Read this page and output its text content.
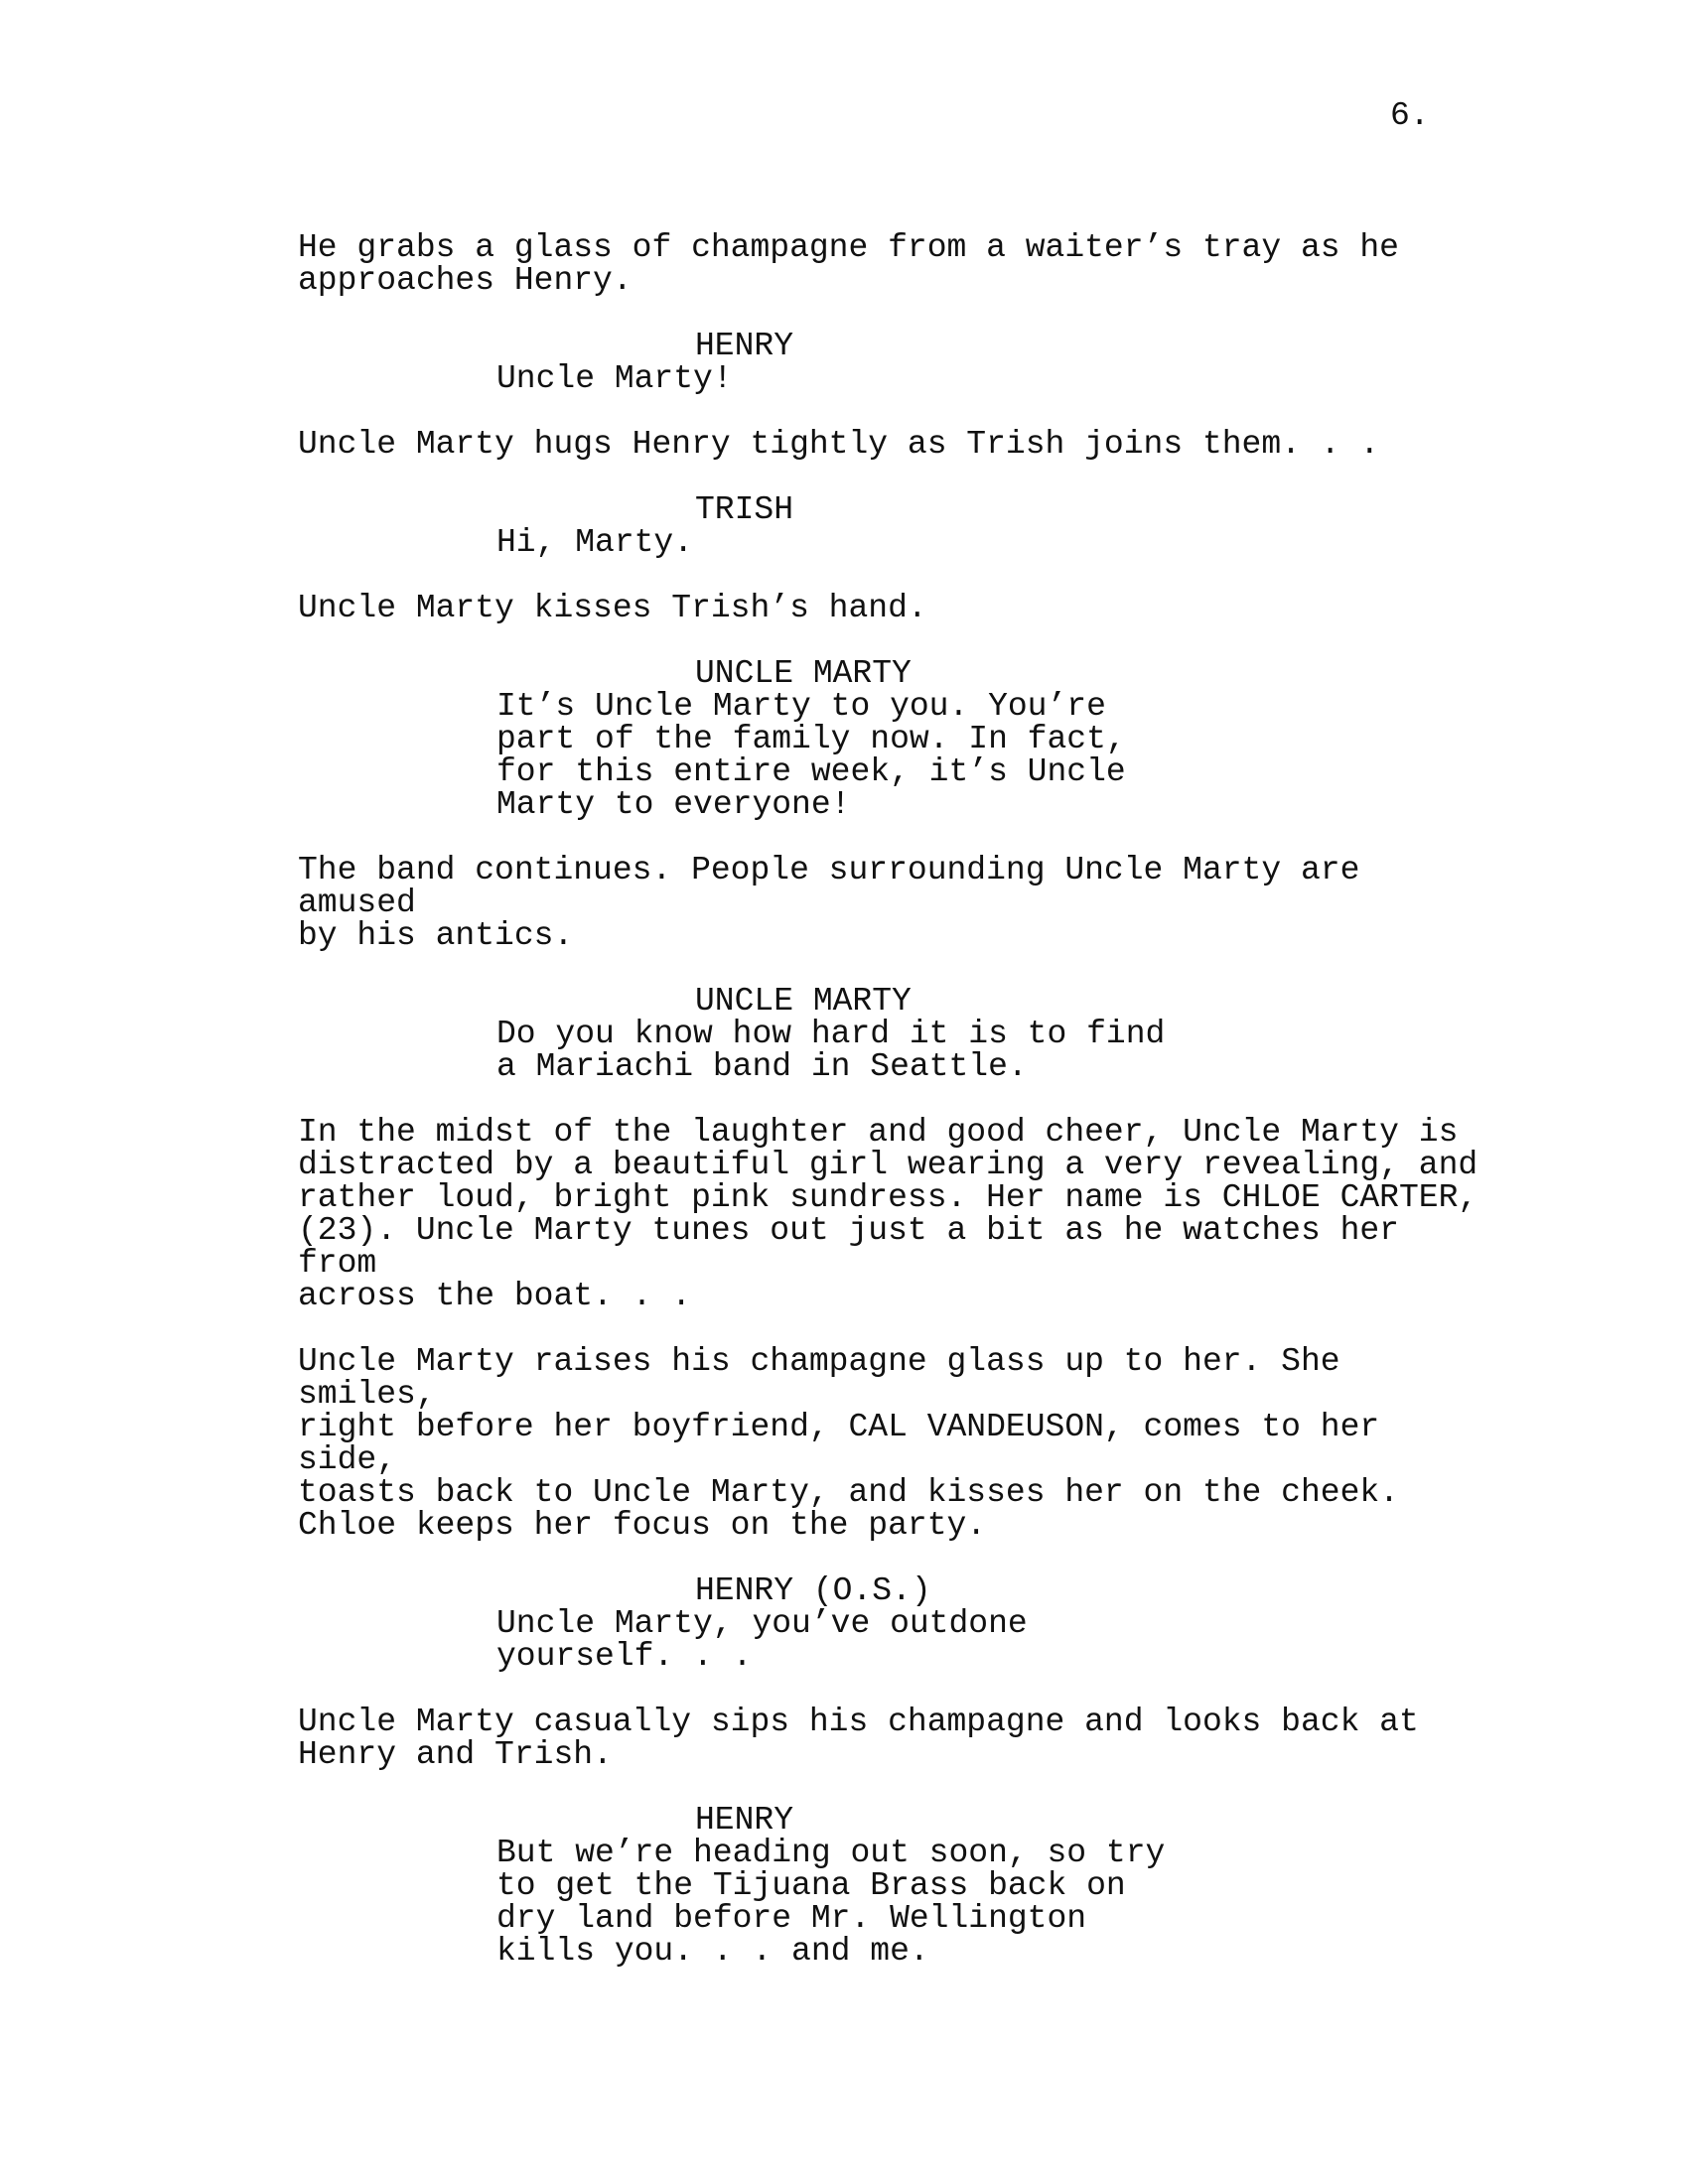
6.

He grabs a glass of champagne from a waiter’s tray as he
approaches Henry.

HENRY
Uncle Marty!

Uncle Marty hugs Henry tightly as Trish joins them. . .

TRISH
Hi, Marty.

Uncle Marty kisses Trish’s hand.

UNCLE MARTY
It’s Uncle Marty to you. You’re
part of the family now. In fact,
for this entire week, it’s Uncle
Marty to everyone!

The band continues. People surrounding Uncle Marty are amused
by his antics.

UNCLE MARTY
Do you know how hard it is to find
a Mariachi band in Seattle.

In the midst of the laughter and good cheer, Uncle Marty is
distracted by a beautiful girl wearing a very revealing, and
rather loud, bright pink sundress. Her name is CHLOE CARTER,
(23). Uncle Marty tunes out just a bit as he watches her from
across the boat. . .

Uncle Marty raises his champagne glass up to her. She smiles,
right before her boyfriend, CAL VANDEUSON, comes to her side,
toasts back to Uncle Marty, and kisses her on the cheek.
Chloe keeps her focus on the party.

HENRY (O.S.)
Uncle Marty, you’ve outdone
yourself. . .

Uncle Marty casually sips his champagne and looks back at
Henry and Trish.

HENRY
But we’re heading out soon, so try
to get the Tijuana Brass back on
dry land before Mr. Wellington
kills you. . . and me.
